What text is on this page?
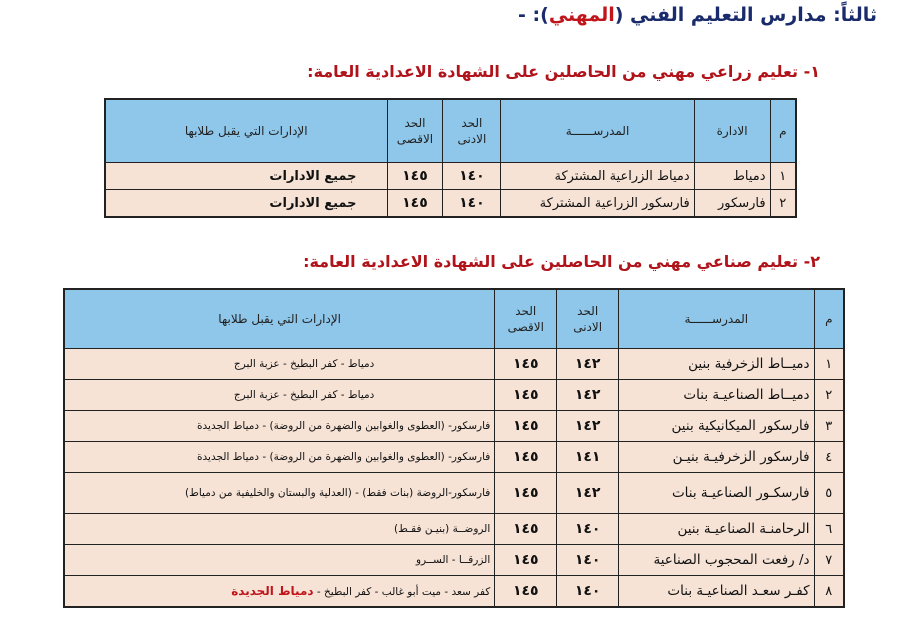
ثالثاً: مدارس التعليم الفني (المهني): -
١- تعليم زراعي مهني من الحاصلين على الشهادة الاعدادية العامة:
م	الادارة	المدرســــــة	الحد الادنى	الحد الاقصى	الإدارات التي يقبل طلابها
١	دمياط	دمياط الزراعية المشتركة	١٤٠	١٤٥	جميع الادارات
٢	فارسكور	فارسكور الزراعية المشتركة	١٤٠	١٤٥	جميع الادارات
٢- تعليم صناعي مهني من الحاصلين على الشهادة الاعدادية العامة:
م	المدرســــــة	الحد الادنى	الحد الاقصى	الإدارات التي يقبل طلابها
١	دميــاط الزخرفية بنين	١٤٢	١٤٥	دمياط - كفر البطيخ - عزبة البرج
٢	دميــاط الصناعيـة بنات	١٤٢	١٤٥	دمياط - كفر البطيخ - عزبة البرج
٣	فارسكور الميكانيكية بنين	١٤٢	١٤٥	فارسكور- (العطوى والغوابين والضهرة من الروضة) - دمياط الجديدة
٤	فارسكور الزخرفيـة بنيـن	١٤١	١٤٥	فارسكور- (العطوى والغوابين والضهرة من الروضة) - دمياط الجديدة
٥	فارسكـور الصناعيـة بنات	١٤٢	١٤٥	فارسكور-الروضة (بنات فقط) - (العدلية والبستان والخليفية من دمياط)
٦	الرحامنـة الصناعيـة بنين	١٤٠	١٤٥	الروضــة (بنيـن فقـط)
٧	د/ رفعت المحجوب الصناعية	١٤٠	١٤٥	الزرقــا - الســرو
٨	كفـر سعـد الصناعيـة بنات	١٤٠	١٤٥	كفر سعد - ميت أبو غالب - كفر البطيخ - دمياط الجديدة
